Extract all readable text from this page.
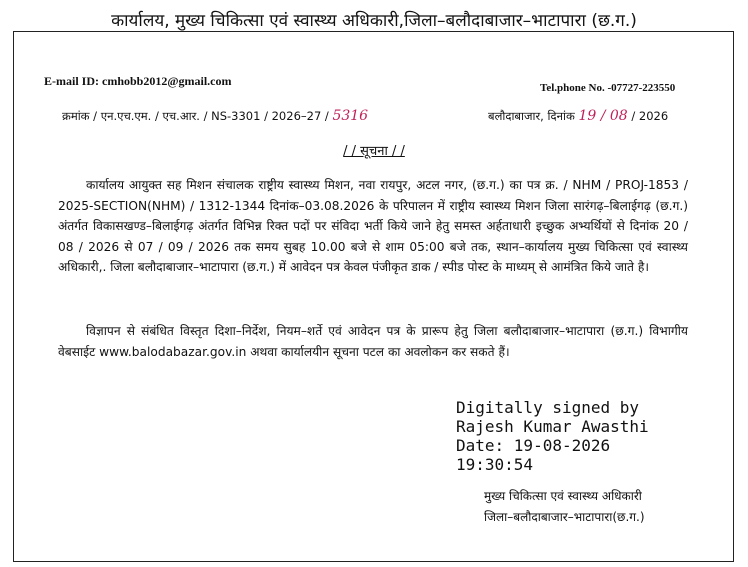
कार्यालय, मुख्य चिकित्सा एवं स्वास्थ्य अधिकारी,जिला–बलौदाबाजार–भाटापारा (छ.ग.)
E-mail ID: cmhobb2012@gmail.com	Tel.phone No. -07727-223550
क्रमांक / एन.एच.एम. / एच.आर. / NS-3301 / 2026–27 / 5316	बलौदाबाजार, दिनांक 19 / 08 / 2026
/ / सूचना / /
कार्यालय आयुक्त सह मिशन संचालक राष्ट्रीय स्वास्थ्य मिशन, नवा रायपुर, अटल नगर, (छ.ग.) का पत्र क्र. / NHM / PROJ-1853 / 2025-SECTION(NHM) / 1312-1344 दिनांक–03.08.2026 के परिपालन में राष्ट्रीय स्वास्थ्य मिशन जिला सारंगढ़–बिलाईगढ़ (छ.ग.) अंतर्गत विकासखण्ड–बिलाईगढ़ अंतर्गत विभिन्न रिक्त पदों पर संविदा भर्ती किये जाने हेतु समस्त अर्हताधारी इच्छुक अभ्यर्थियों से दिनांक 20 / 08 / 2026 से 07 / 09 / 2026 तक समय सुबह 10.00 बजे से शाम 05:00 बजे तक, स्थान–कार्यालय मुख्य चिकित्सा एवं स्वास्थ्य अधिकारी,. जिला बलौदाबाजार–भाटापारा (छ.ग.) में आवेदन पत्र केवल पंजीकृत डाक / स्पीड पोस्ट के माध्यम् से आमंत्रित किये जाते है।
विज्ञापन से संबंधित विस्तृत दिशा–निर्देश, नियम–शर्ते एवं आवेदन पत्र के प्रारूप हेतु जिला बलौदाबाजार–भाटापारा (छ.ग.) विभागीय वेबसाईट www.balodabazar.gov.in अथवा कार्यालयीन सूचना पटल का अवलोकन कर सकते हैं।
Digitally signed by
Rajesh Kumar Awasthi
Date: 19-08-2026
19:30:54
मुख्य चिकित्सा एवं स्वास्थ्य अधिकारी
जिला–बलौदाबाजार–भाटापारा(छ.ग.)
